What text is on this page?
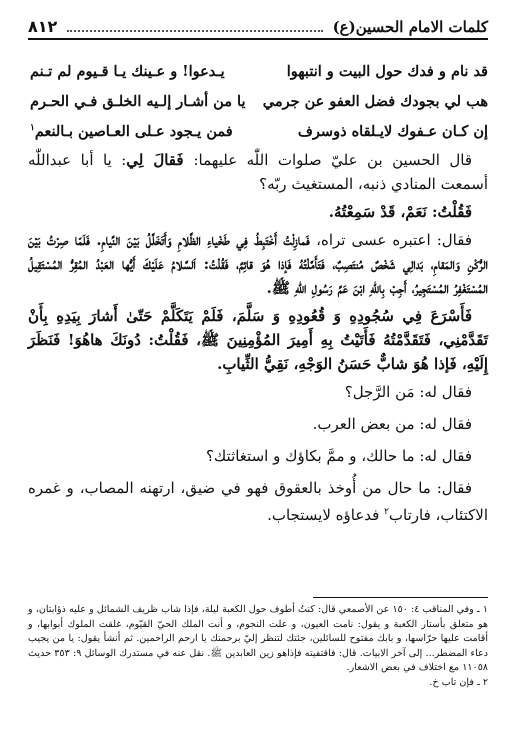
كلمات الامام الحسين(ع)
٨١٢
قد نام و فدك حول البيت و انتبهوا
يـدعوا! و عـينك يـا قـيوم لم تـنم
هب لي بجودك فضل العفو عن جرمي
يا من أشـار إلـيه الخلـق فـي الحـرم
إن كـان عـفوك لايـلقاه ذوسرف
فمن يـجود عـلى العـاصين بـالنعم$^١$

قال الحسين بن عليّ صلوات اللّٰه عليهما: فَقالَ لِي: يا أبا عبداللّٰه أسمعت المنادي ذنبه، المستغيث ربّه؟

فَقُلْتُ: نَعَمْ، قَدْ سَمِعْتُهُ.

فقال: اعتبره عسى تراه، فَمازِلْتُ أَخْتَبِطُ فِي طَخْياءِ الظَّلامِ وَأَتَخَلَّلُ بَيْنَ النِّيامِ. فَلَمّا صِرْتُ بَيْنَ الرُّكْنِ وَالمَقامِ، بَدالِي شَخْصٌ مُنتَصِبٌ، فَتَأَمَّلْتُهُ فَإذا هُوَ قائِمٌ، فَقُلْتُ: اَلسَّلامُ عَلَيْكَ أَيُّها العَبْدُ المُقِرُّ المُسْتَقِيلُ المُسْتَغْفِرُ المُسْتَجِيرُ، أَجِبْ بِاللّٰهِ ابْنَ عَمِّ رَسُولِ اللّٰهِ ﷺ.

فَأَسْرَعَ فِي سُجُودِهِ وَ قُعُودِهِ وَ سَلَّمَ، فَلَمْ يَتَكَلَّمْ حَتّىٰ أَشارَ بِيَدِهِ بِأَنْ تَقَدَّمْنِي، فَتَقَدَّمْتُهُ فَأَتَيْتُ بِهِ أَمِيرَ المُؤْمِنِينَ ﷺ، فَقُلْتُ: دُونَكَ هاهُوَ! فَنَظَرَ إِلَيْهِ، فَإذا هُوَ شابٌّ حَسَنُ الوَجْهِ، نَقِيُّ الثِّيابِ.

فقال له: مَن الرَّجل؟

فقال له: من بعض العرب.

فقال له: ما حالك، و ممَّ بكاؤك و استغاثتك؟

فقال: ما حال من أُوخذ بالعقوق فهو في ضيق، ارتهنه المصاب، و غمره الاكتئاب، فارتاب$^٢$ فدعاؤه لايستجاب.

١ ـ وفي المناقب ٤: ١٥٠ عن الأصمعي قال: كنتُ أطوف حول الكعبة ليلة، فإذا شاب ظريف الشمائل و عليه ذؤابتان، و هو متعلق بأستار الكعبة و يقول: نامت العيون، و علت النجوم، و أنت الملك الحيّ القيّوم، غلقت الملوك أبوابها، و أقامت عليها حرّاسها، و بابك مفتوح للسائلين، جئتك لتنظر إليّ برحمتك يا ارحم الراحمين. ثم أنشأ يقول: يا من يجيب دعاء المضطر... إلى آخر الابيات. قال: فاقتفيته فإذاهو زين العابدين ﷺ. نقل عنه في مستدرك الوسائل ٩: ٣٥٣ حديث ١١٠٥٨ مع اختلاف في بعض الاشعار.

٢ ـ فإن تاب خ.
